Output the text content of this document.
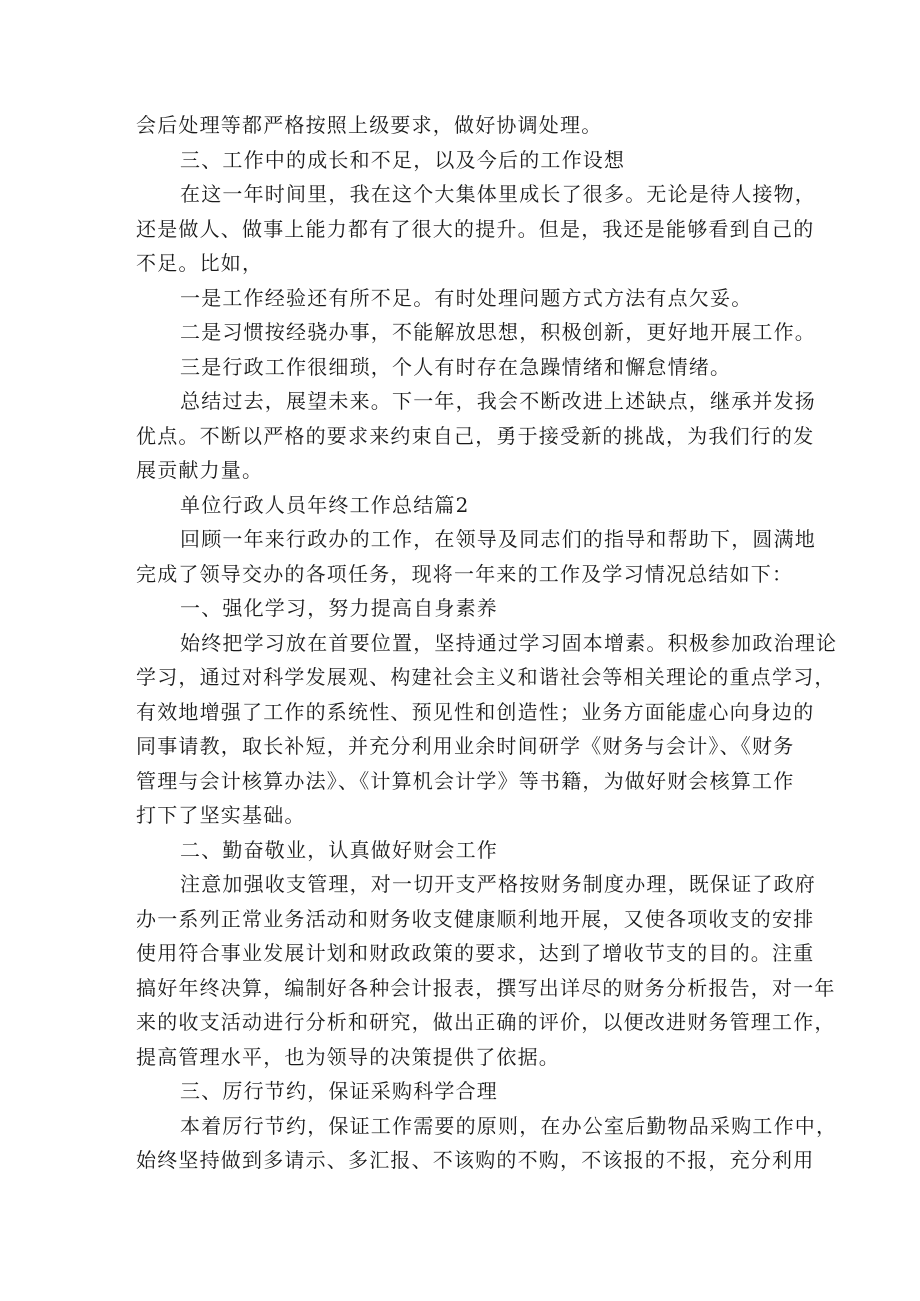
会后处理等都严格按照上级要求，做好协调处理。
三、工作中的成长和不足，以及今后的工作设想
在这一年时间里，我在这个大集体里成长了很多。无论是待人接物，
还是做人、做事上能力都有了很大的提升。但是，我还是能够看到自己的
不足。比如，
一是工作经验还有所不足。有时处理问题方式方法有点欠妥。
二是习惯按经骁办事，不能解放思想，积极创新，更好地开展工作。
三是行政工作很细琐，个人有时存在急躁情绪和懈怠情绪。
总结过去，展望未来。下一年，我会不断改进上述缺点，继承并发扬
优点。不断以严格的要求来约束自己，勇于接受新的挑战，为我们行的发
展贡献力量。
单位行政人员年终工作总结篇2
回顾一年来行政办的工作，在领导及同志们的指导和帮助下，圆满地
完成了领导交办的各项任务，现将一年来的工作及学习情况总结如下：
一、强化学习，努力提高自身素养
始终把学习放在首要位置，坚持通过学习固本增素。积极参加政治理论
学习，通过对科学发展观、构建社会主义和谐社会等相关理论的重点学习，
有效地增强了工作的系统性、预见性和创造性；业务方面能虚心向身边的
同事请教，取长补短，并充分利用业余时间研学《财务与会计》、《财务
管理与会计核算办法》、《计算机会计学》等书籍，为做好财会核算工作
打下了坚实基础。
二、勤奋敬业，认真做好财会工作
注意加强收支管理，对一切开支严格按财务制度办理，既保证了政府
办一系列正常业务活动和财务收支健康顺利地开展，又使各项收支的安排
使用符合事业发展计划和财政政策的要求，达到了增收节支的目的。注重
搞好年终决算，编制好各种会计报表，撰写出详尽的财务分析报告，对一年
来的收支活动进行分析和研究，做出正确的评价，以便改进财务管理工作，
提高管理水平，也为领导的决策提供了依据。
三、厉行节约，保证采购科学合理
本着厉行节约，保证工作需要的原则，在办公室后勤物品采购工作中，
始终坚持做到多请示、多汇报、不该购的不购，不该报的不报，充分利用
